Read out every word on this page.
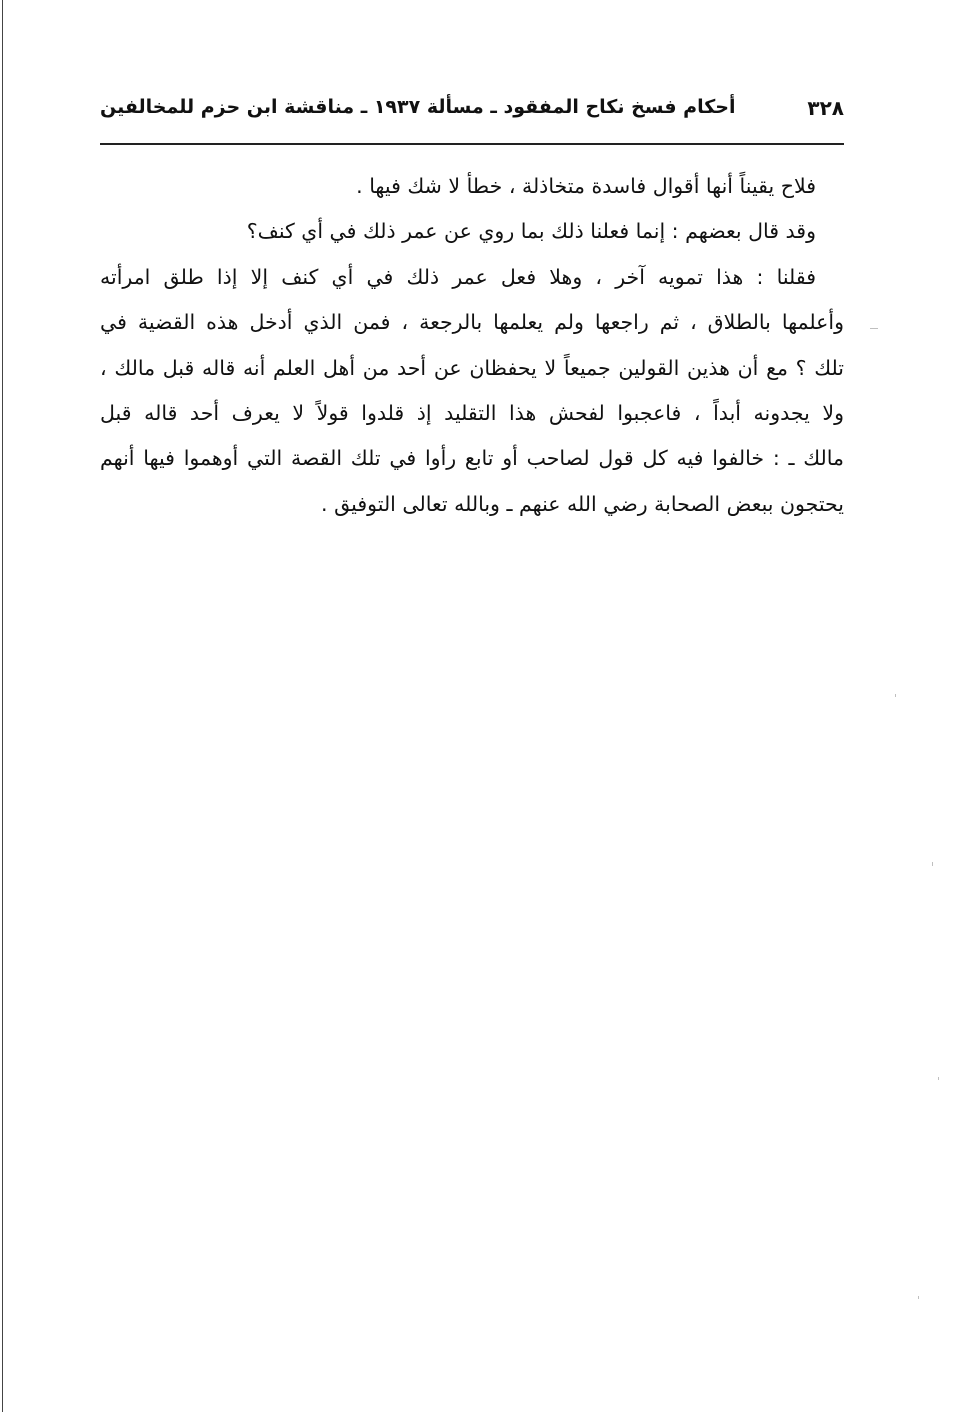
٣٢٨
أحكام فسخ نكاح المفقود ـ مسألة ١٩٣٧ ـ مناقشة ابن حزم للمخالفين
فلاح يقيناً أنها أقوال فاسدة متخاذلة ، خطأ لا شك فيها .
وقد قال بعضهم : إنما فعلنا ذلك بما روي عن عمر ذلك في أي كنف؟
فقلنا : هذا تمويه آخر ، وهلا فعل عمر ذلك في أي كنف إلا إذا طلق امرأته
وأعلمها بالطلاق ، ثم راجعها ولم يعلمها بالرجعة ، فمن الذي أدخل هذه القضية في
تلك ؟ مع أن هذين القولين جميعاً لا يحفظان عن أحد من أهل العلم أنه قاله قبل مالك ،
ولا يجدونه أبداً ، فاعجبوا لفحش هذا التقليد إذ قلدوا قولاً لا يعرف أحد قاله قبل
مالك ـ : خالفوا فيه كل قول لصاحب أو تابع رأوا في تلك القصة التي أوهموا فيها أنهم
يحتجون ببعض الصحابة رضي الله عنهم ـ وبالله تعالى التوفيق .
